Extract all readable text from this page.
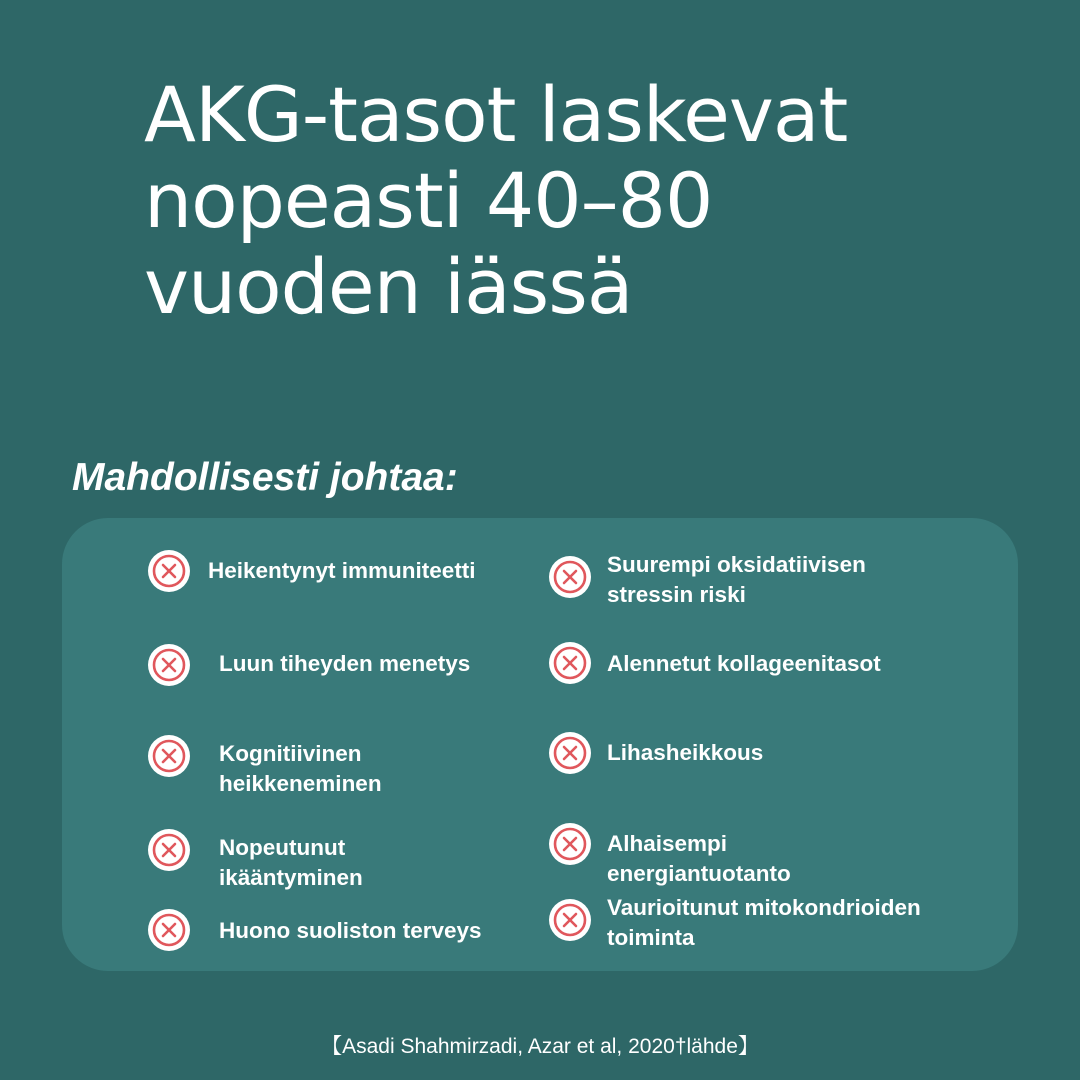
AKG-tasot laskevat
nopeasti 40–80
vuoden iässä
Mahdollisesti johtaa:
Heikentynyt immuniteetti
Luun tiheyden menetys
Kognitiivinen
heikkeneminen
Nopeutunut
ikääntyminen
Huono suoliston terveys
Suurempi oksidatiivisen
stressin riski
Alennetut kollageenitasot
Lihasheikkous
Alhaisempi
energiantuotanto
Vaurioitunut mitokondrioiden
toiminta
【Asadi Shahmirzadi, Azar et al, 2020†lähde】
